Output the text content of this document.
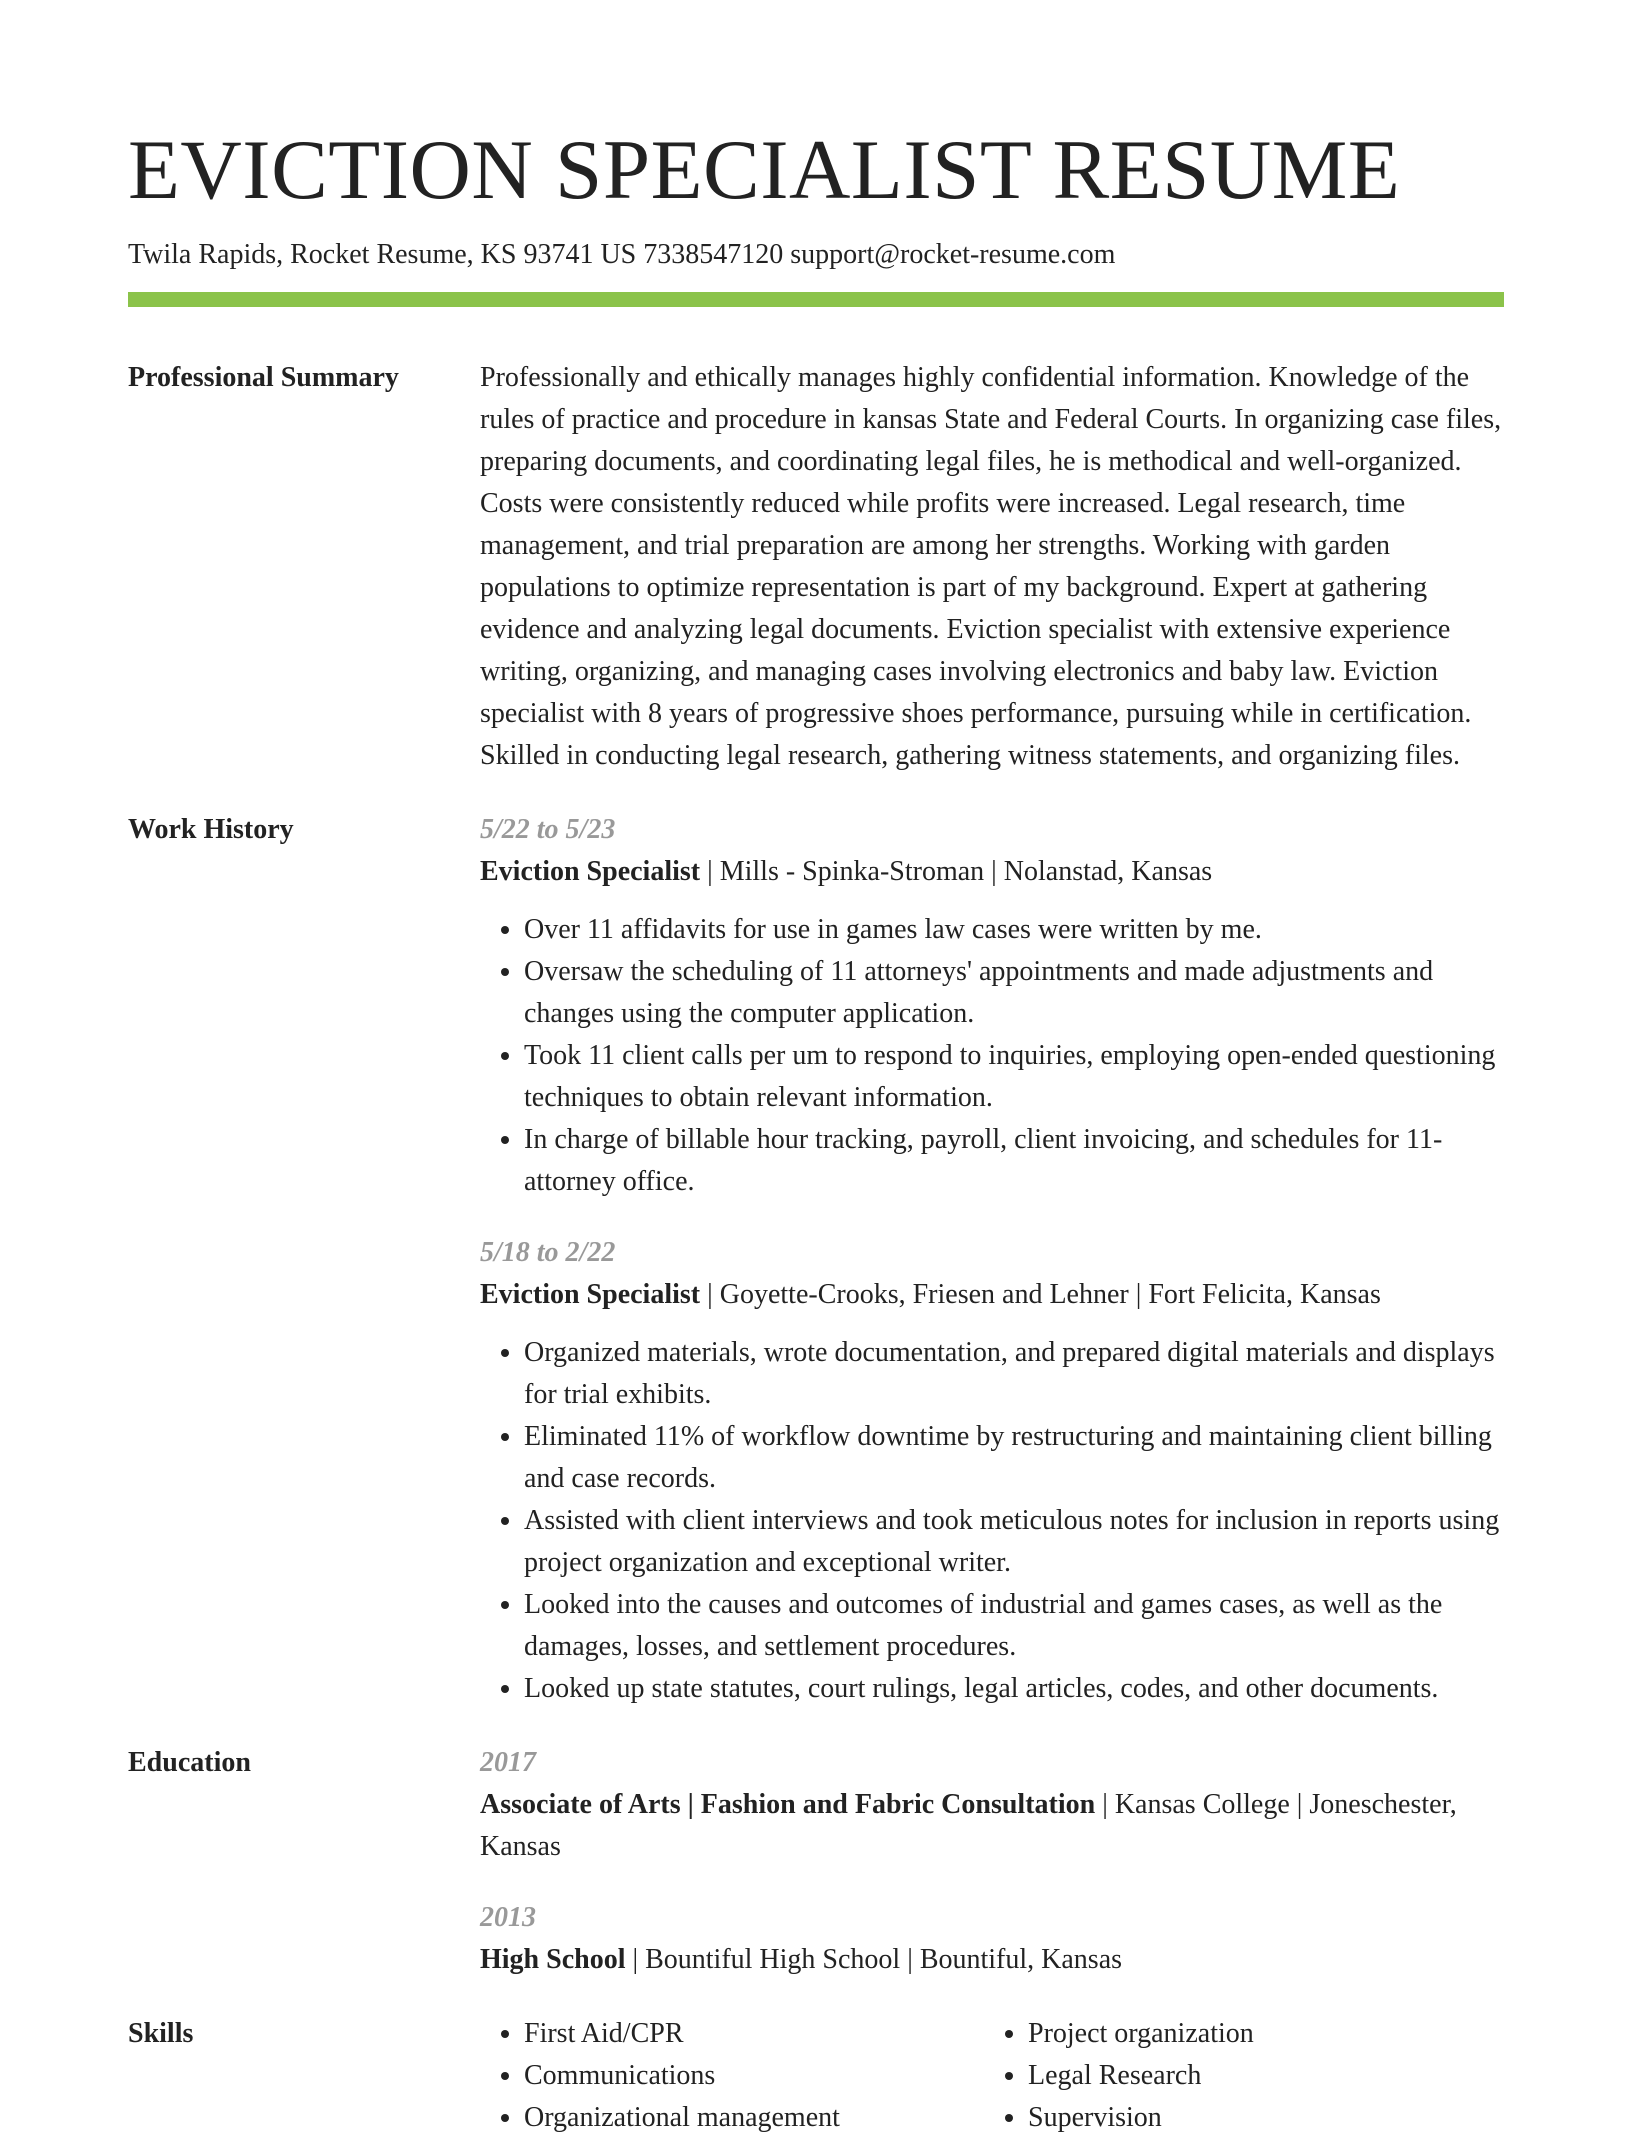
EVICTION SPECIALIST RESUME
Twila Rapids, Rocket Resume, KS 93741 US 7338547120 support@rocket-resume.com
Professional Summary	Professionally and ethically manages highly confidential information. Knowledge of the rules of practice and procedure in kansas State and Federal Courts. In organizing case files, preparing documents, and coordinating legal files, he is methodical and well-organized. Costs were consistently reduced while profits were increased. Legal research, time management, and trial preparation are among her strengths. Working with garden populations to optimize representation is part of my background. Expert at gathering evidence and analyzing legal documents. Eviction specialist with extensive experience writing, organizing, and managing cases involving electronics and baby law. Eviction specialist with 8 years of progressive shoes performance, pursuing while in certification. Skilled in conducting legal research, gathering witness statements, and organizing files.

Work History	5/22 to 5/23
Eviction Specialist | Mills - Spinka-Stroman | Nolanstad, Kansas
• Over 11 affidavits for use in games law cases were written by me.
• Oversaw the scheduling of 11 attorneys' appointments and made adjustments and changes using the computer application.
• Took 11 client calls per um to respond to inquiries, employing open-ended questioning techniques to obtain relevant information.
• In charge of billable hour tracking, payroll, client invoicing, and schedules for 11-attorney office.
5/18 to 2/22
Eviction Specialist | Goyette-Crooks, Friesen and Lehner | Fort Felicita, Kansas
• Organized materials, wrote documentation, and prepared digital materials and displays for trial exhibits.
• Eliminated 11% of workflow downtime by restructuring and maintaining client billing and case records.
• Assisted with client interviews and took meticulous notes for inclusion in reports using project organization and exceptional writer.
• Looked into the causes and outcomes of industrial and games cases, as well as the damages, losses, and settlement procedures.
• Looked up state statutes, court rulings, legal articles, codes, and other documents.
Education	2017
Associate of Arts | Fashion and Fabric Consultation | Kansas College | Joneschester, Kansas
2013
High School | Bountiful High School | Bountiful, Kansas
Skills
•	First Aid/CPR
• Communications
• Organizational management
• Project organization
• Legal Research
• Supervision
